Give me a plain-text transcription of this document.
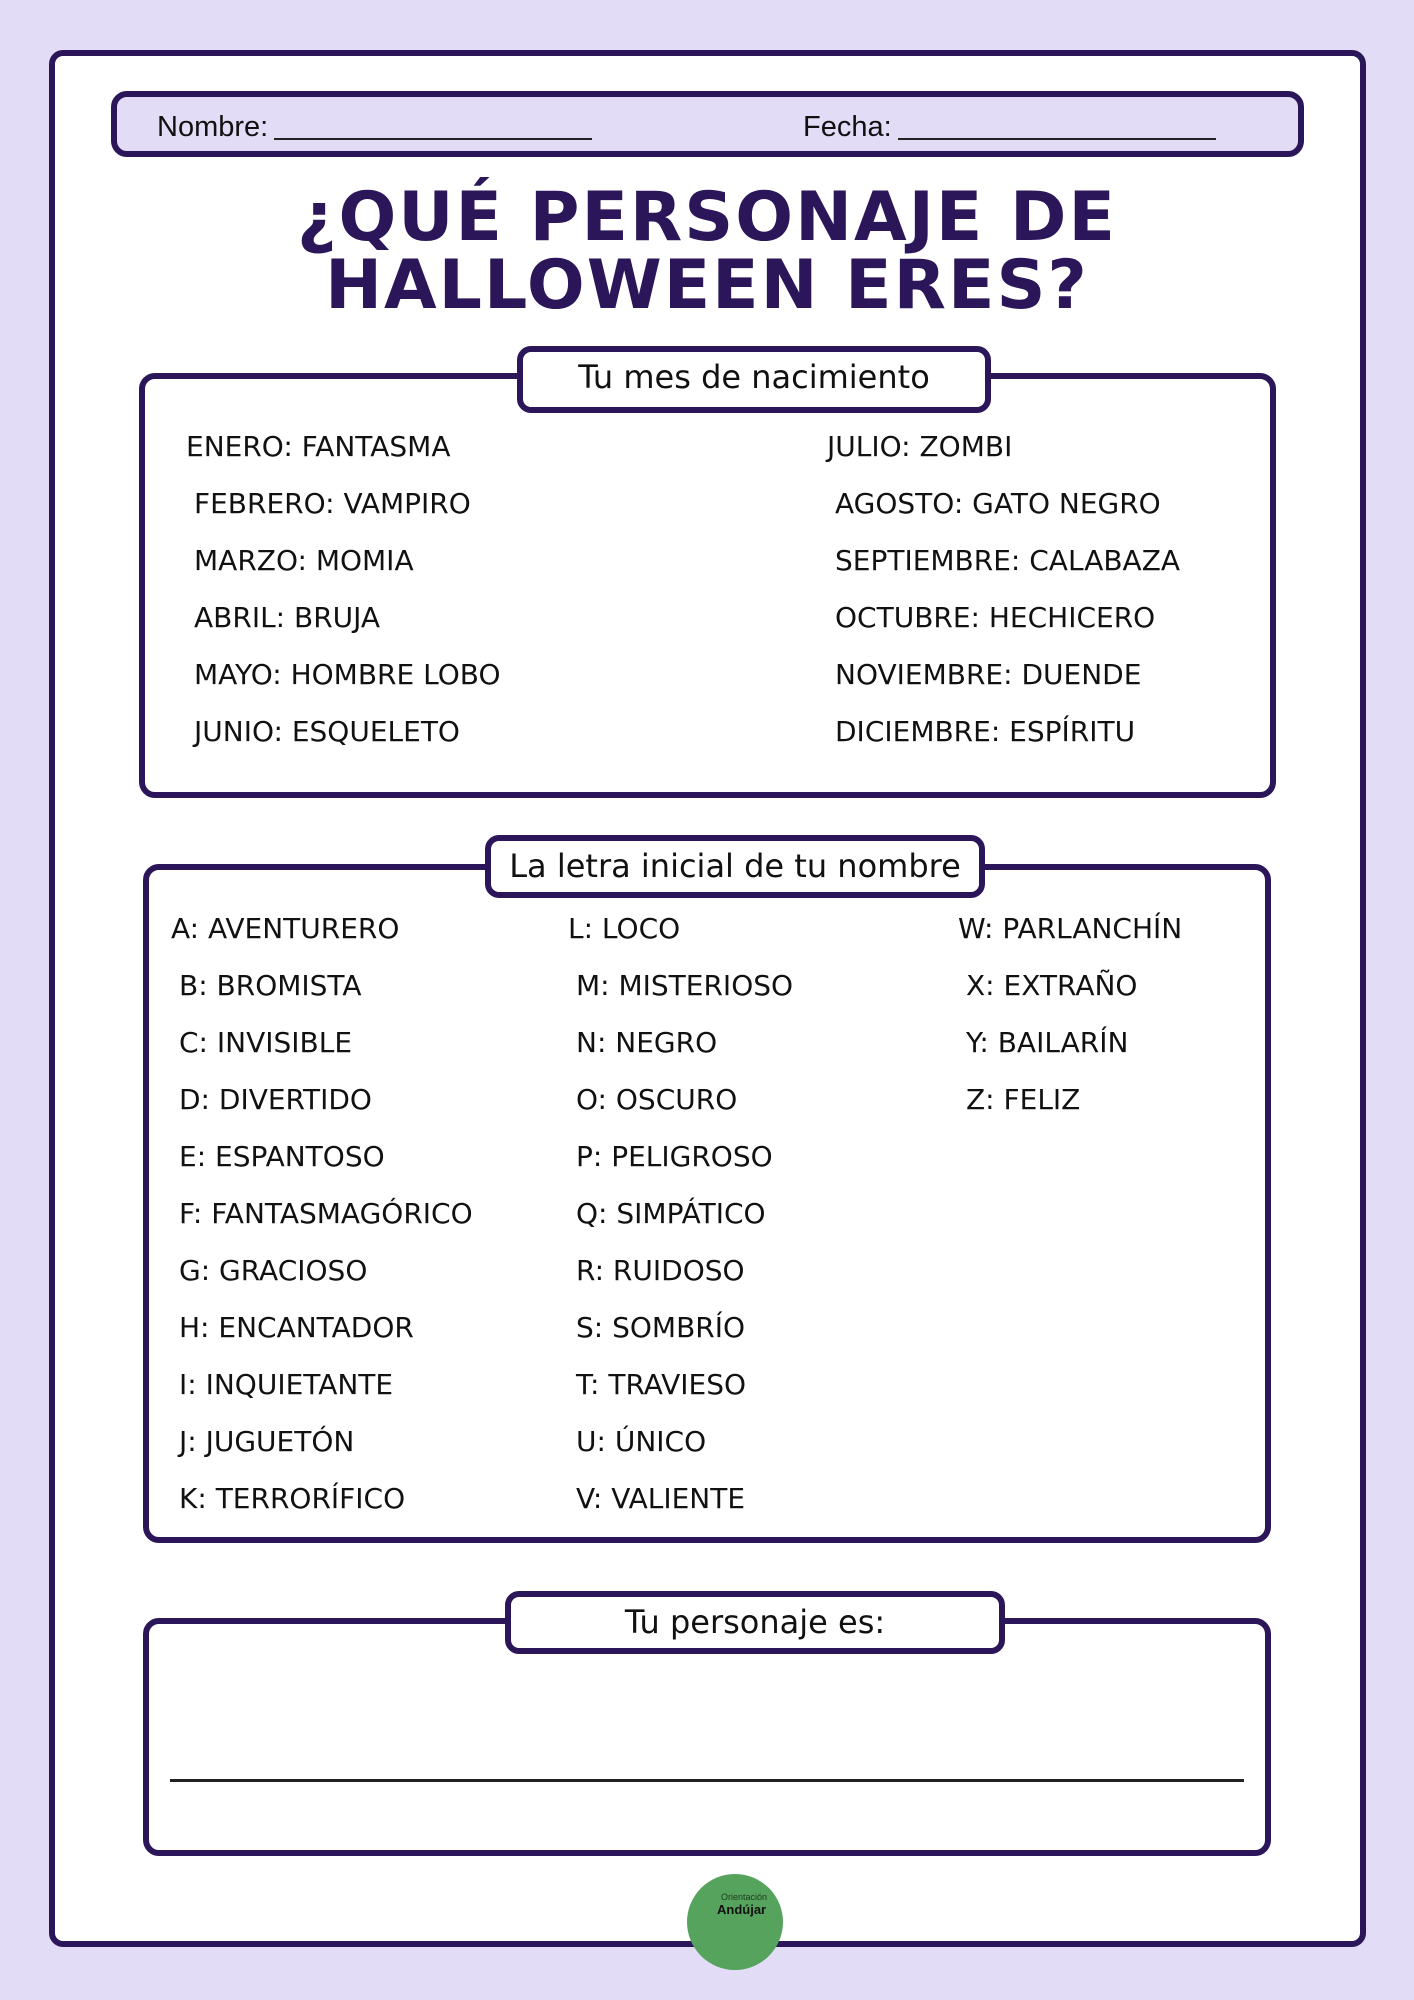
Nombre:	Fecha:
¿QUÉ PERSONAJE DE
HALLOWEEN ERES?
Tu mes de nacimiento
ENERO: FANTASMA
FEBRERO: VAMPIRO
MARZO: MOMIA
ABRIL: BRUJA
MAYO: HOMBRE LOBO
JUNIO: ESQUELETO
JULIO: ZOMBI
AGOSTO: GATO NEGRO
SEPTIEMBRE: CALABAZA
OCTUBRE: HECHICERO
NOVIEMBRE: DUENDE
DICIEMBRE: ESPÍRITU
La letra inicial de tu nombre
A: AVENTURERO
B: BROMISTA
C: INVISIBLE
D: DIVERTIDO
E: ESPANTOSO
F: FANTASMAGÓRICO
G: GRACIOSO
H: ENCANTADOR
I: INQUIETANTE
J: JUGUETÓN
K: TERRORÍFICO
L: LOCO
M: MISTERIOSO
N: NEGRO
O: OSCURO
P: PELIGROSO
Q: SIMPÁTICO
R: RUIDOSO
S: SOMBRÍO
T: TRAVIESO
U: ÚNICO
V: VALIENTE
W: PARLANCHÍN
X: EXTRAÑO
Y: BAILARÍN
Z: FELIZ
Tu personaje es:
Orientación
Andújar
